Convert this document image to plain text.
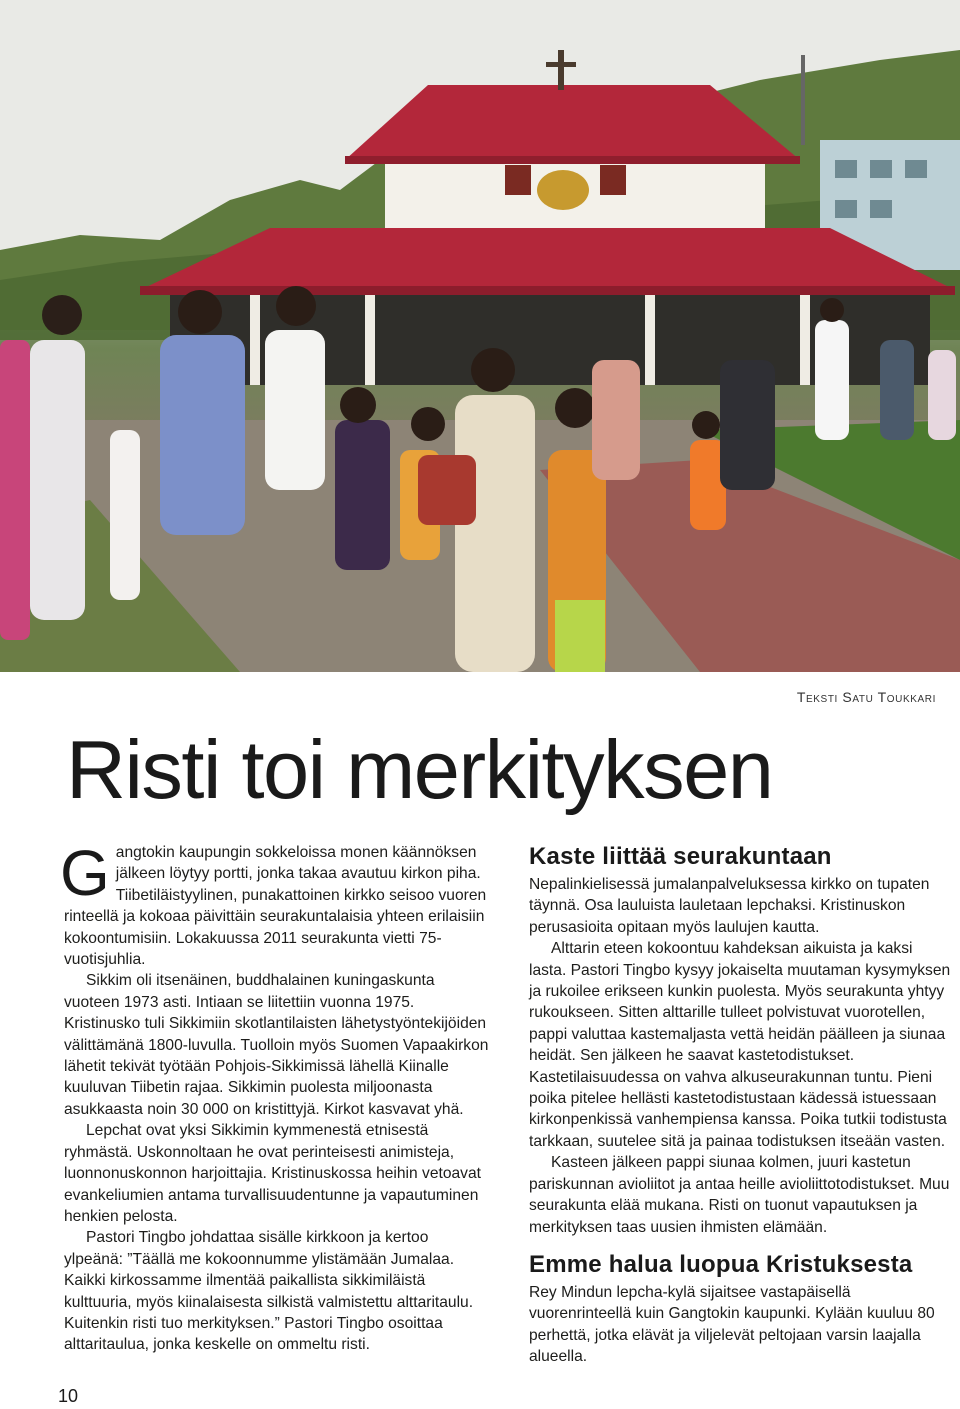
Teksti Satu Toukkari
Risti toi merkityksen

Gangtokin kaupungin sokkeloissa monen käännöksen jälkeen löytyy portti, jonka takaa avautuu kirkon piha. Tiibetiläistyylinen, punakattoinen kirkko seisoo vuoren rinteellä ja kokoaa päivittäin seurakuntalaisia yhteen erilaisiin kokoontumisiin. Lokakuussa 2011 seurakunta vietti 75-vuotisjuhlia.

Sikkim oli itsenäinen, buddhalainen kuningaskunta vuoteen 1973 asti. Intiaan se liitettiin vuonna 1975. Kristinusko tuli Sikkimiin skotlantilaisten lähetystyöntekijöiden välittämänä 1800-luvulla. Tuolloin myös Suomen Vapaakirkon lähetit tekivät työtään Pohjois-Sikkimissä lähellä Kiinalle kuuluvan Tiibetin rajaa. Sikkimin puolesta miljoonasta asukkaasta noin 30 000 on kristittyjä. Kirkot kasvavat yhä.

Lepchat ovat yksi Sikkimin kymmenestä etnisestä ryhmästä. Uskonnoltaan he ovat perinteisesti animisteja, luonnonuskonnon harjoittajia. Kristinuskossa heihin vetoavat evankeliumien antama turvallisuudentunne ja vapautuminen henkien pelosta.

Pastori Tingbo johdattaa sisälle kirkkoon ja kertoo ylpeänä: ”Täällä me kokoonnumme ylistämään Jumalaa. Kaikki kirkossamme ilmentää paikallista sikkimiläistä kulttuuria, myös kiinalaisesta silkistä valmistettu alttaritaulu. Kuitenkin risti tuo merkityksen.” Pastori Tingbo osoittaa alttaritaulua, jonka keskelle on ommeltu risti.

Kaste liittää seurakuntaan

Nepalinkielisessä jumalanpalveluksessa kirkko on tupaten täynnä. Osa lauluista lauletaan lepchaksi. Kristinuskon perusasioita opitaan myös laulujen kautta.

Alttarin eteen kokoontuu kahdeksan aikuista ja kaksi lasta. Pastori Tingbo kysyy jokaiselta muutaman kysymyksen ja rukoilee erikseen kunkin puolesta. Myös seurakunta yhtyy rukoukseen. Sitten alttarille tulleet polvistuvat vuorotellen, pappi valuttaa kastemaljasta vettä heidän päälleen ja siunaa heidät. Sen jälkeen he saavat kastetodistukset. Kastetilaisuudessa on vahva alkuseurakunnan tuntu. Pieni poika pitelee hellästi kastetodistustaan kädessä istuessaan kirkonpenkissä vanhempiensa kanssa. Poika tutkii todistusta tarkkaan, suutelee sitä ja painaa todistuksen itseään vasten.

Kasteen jälkeen pappi siunaa kolmen, juuri kastetun pariskunnan avioliitot ja antaa heille avioliittotodistukset. Muu seurakunta elää mukana. Risti on tuonut vapautuksen ja merkityksen taas uusien ihmisten elämään.

Emme halua luopua Kristuksesta

Rey Mindun lepcha-kylä sijaitsee vastapäisellä vuorenrinteellä kuin Gangtokin kaupunki. Kylään kuuluu 80 perhettä, jotka elävät ja viljelevät peltojaan varsin laajalla alueella.

10
